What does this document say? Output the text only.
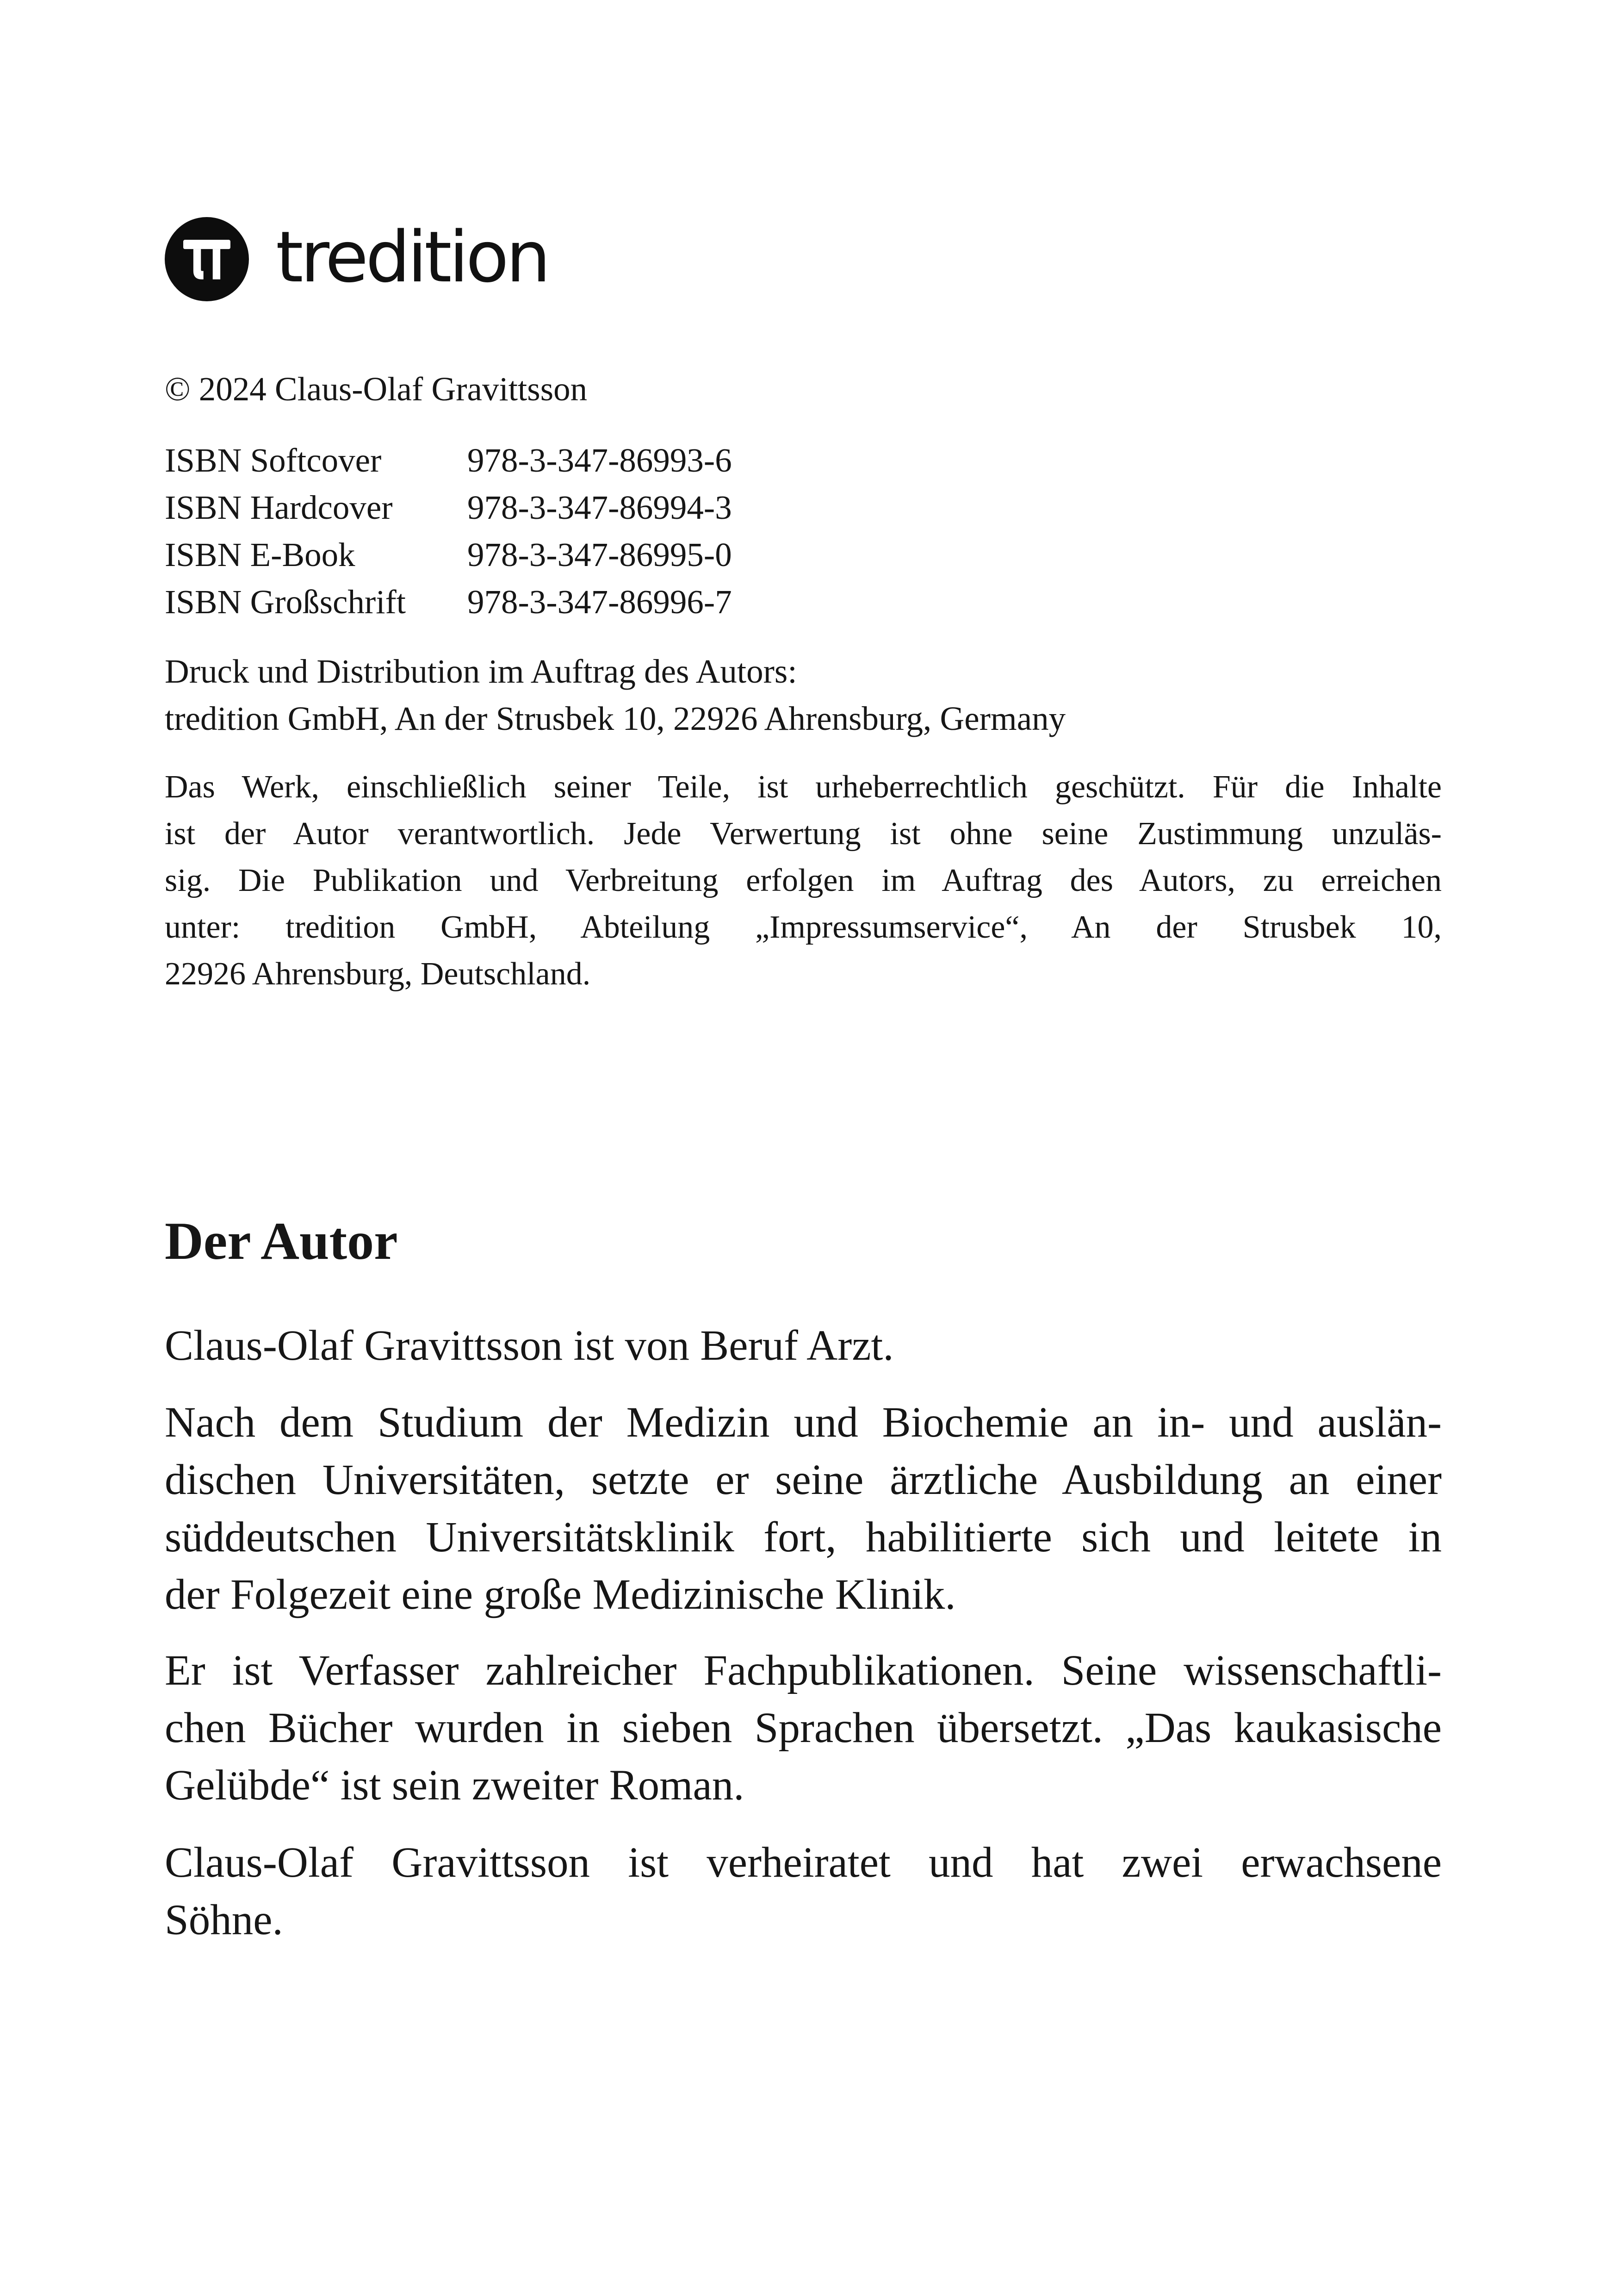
tredition
© 2024 Claus-Olaf Gravittsson
ISBN Softcover	978-3-347-86993-6
ISBN Hardcover	978-3-347-86994-3
ISBN E-Book	978-3-347-86995-0
ISBN Großschrift	978-3-347-86996-7
Druck und Distribution im Auftrag des Autors:
tredition GmbH, An der Strusbek 10, 22926 Ahrensburg, Germany
Das Werk, einschließlich seiner Teile, ist urheberrechtlich geschützt. Für die Inhalte
ist der Autor verantwortlich. Jede Verwertung ist ohne seine Zustimmung unzuläs-
sig. Die Publikation und Verbreitung erfolgen im Auftrag des Autors, zu erreichen
unter: tredition GmbH, Abteilung „Impressumservice“, An der Strusbek 10,
22926 Ahrensburg, Deutschland.
Der Autor
Claus-Olaf Gravittsson ist von Beruf Arzt.
Nach dem Studium der Medizin und Biochemie an in- und auslän-
dischen Universitäten, setzte er seine ärztliche Ausbildung an einer
süddeutschen Universitätsklinik fort, habilitierte sich und leitete in
der Folgezeit eine große Medizinische Klinik.
Er ist Verfasser zahlreicher Fachpublikationen. Seine wissenschaftli-
chen Bücher wurden in sieben Sprachen übersetzt. „Das kaukasische
Gelübde“ ist sein zweiter Roman.
Claus-Olaf Gravittsson ist verheiratet und hat zwei erwachsene
Söhne.
